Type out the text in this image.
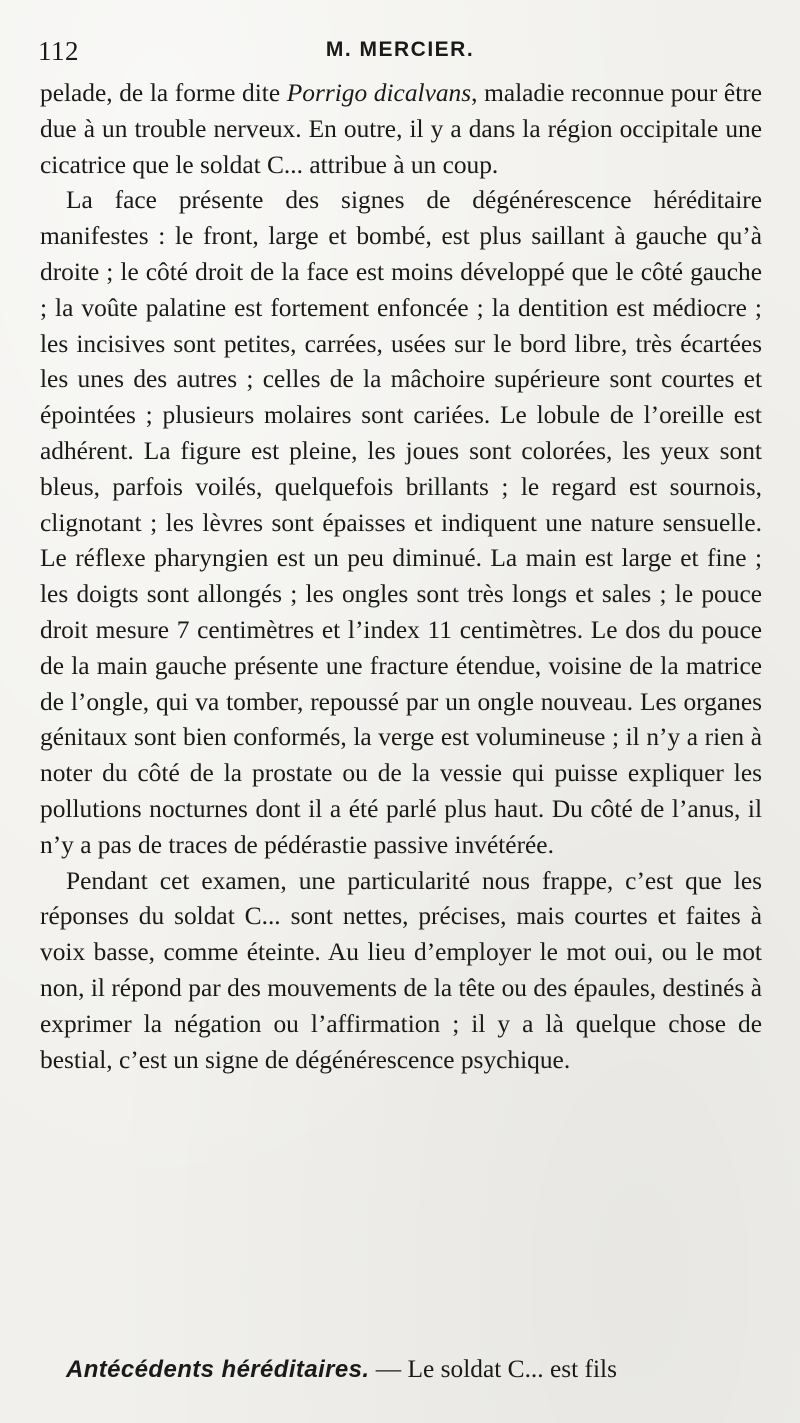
112	M. MERCIER.

pelade, de la forme dite Porrigo dicalvans, maladie reconnue pour être due à un trouble nerveux. En outre, il y a dans la région occipitale une cicatrice que le soldat C... attribue à un coup.

La face présente des signes de dégénérescence héréditaire manifestes : le front, large et bombé, est plus saillant à gauche qu’à droite ; le côté droit de la face est moins développé que le côté gauche ; la voûte palatine est fortement enfoncée ; la dentition est médiocre ; les incisives sont petites, carrées, usées sur le bord libre, très écartées les unes des autres ; celles de la mâchoire supérieure sont courtes et épointées ; plusieurs molaires sont cariées. Le lobule de l’oreille est adhérent. La figure est pleine, les joues sont colorées, les yeux sont bleus, parfois voilés, quelquefois brillants ; le regard est sournois, clignotant ; les lèvres sont épaisses et indiquent une nature sensuelle. Le réflexe pharyngien est un peu diminué. La main est large et fine ; les doigts sont allongés ; les ongles sont très longs et sales ; le pouce droit mesure 7 centimètres et l’index 11 centimètres. Le dos du pouce de la main gauche présente une fracture étendue, voisine de la matrice de l’ongle, qui va tomber, repoussé par un ongle nouveau. Les organes génitaux sont bien conformés, la verge est volumineuse ; il n’y a rien à noter du côté de la prostate ou de la vessie qui puisse expliquer les pollutions nocturnes dont il a été parlé plus haut. Du côté de l’anus, il n’y a pas de traces de pédérastie passive invétérée.

Pendant cet examen, une particularité nous frappe, c’est que les réponses du soldat C... sont nettes, précises, mais courtes et faites à voix basse, comme éteinte. Au lieu d’employer le mot oui, ou le mot non, il répond par des mouvements de la tête ou des épaules, destinés à exprimer la négation ou l’affirmation ; il y a là quelque chose de bestial, c’est un signe de dégénérescence psychique.

Antécédents héréditaires. — Le soldat C... est fils
